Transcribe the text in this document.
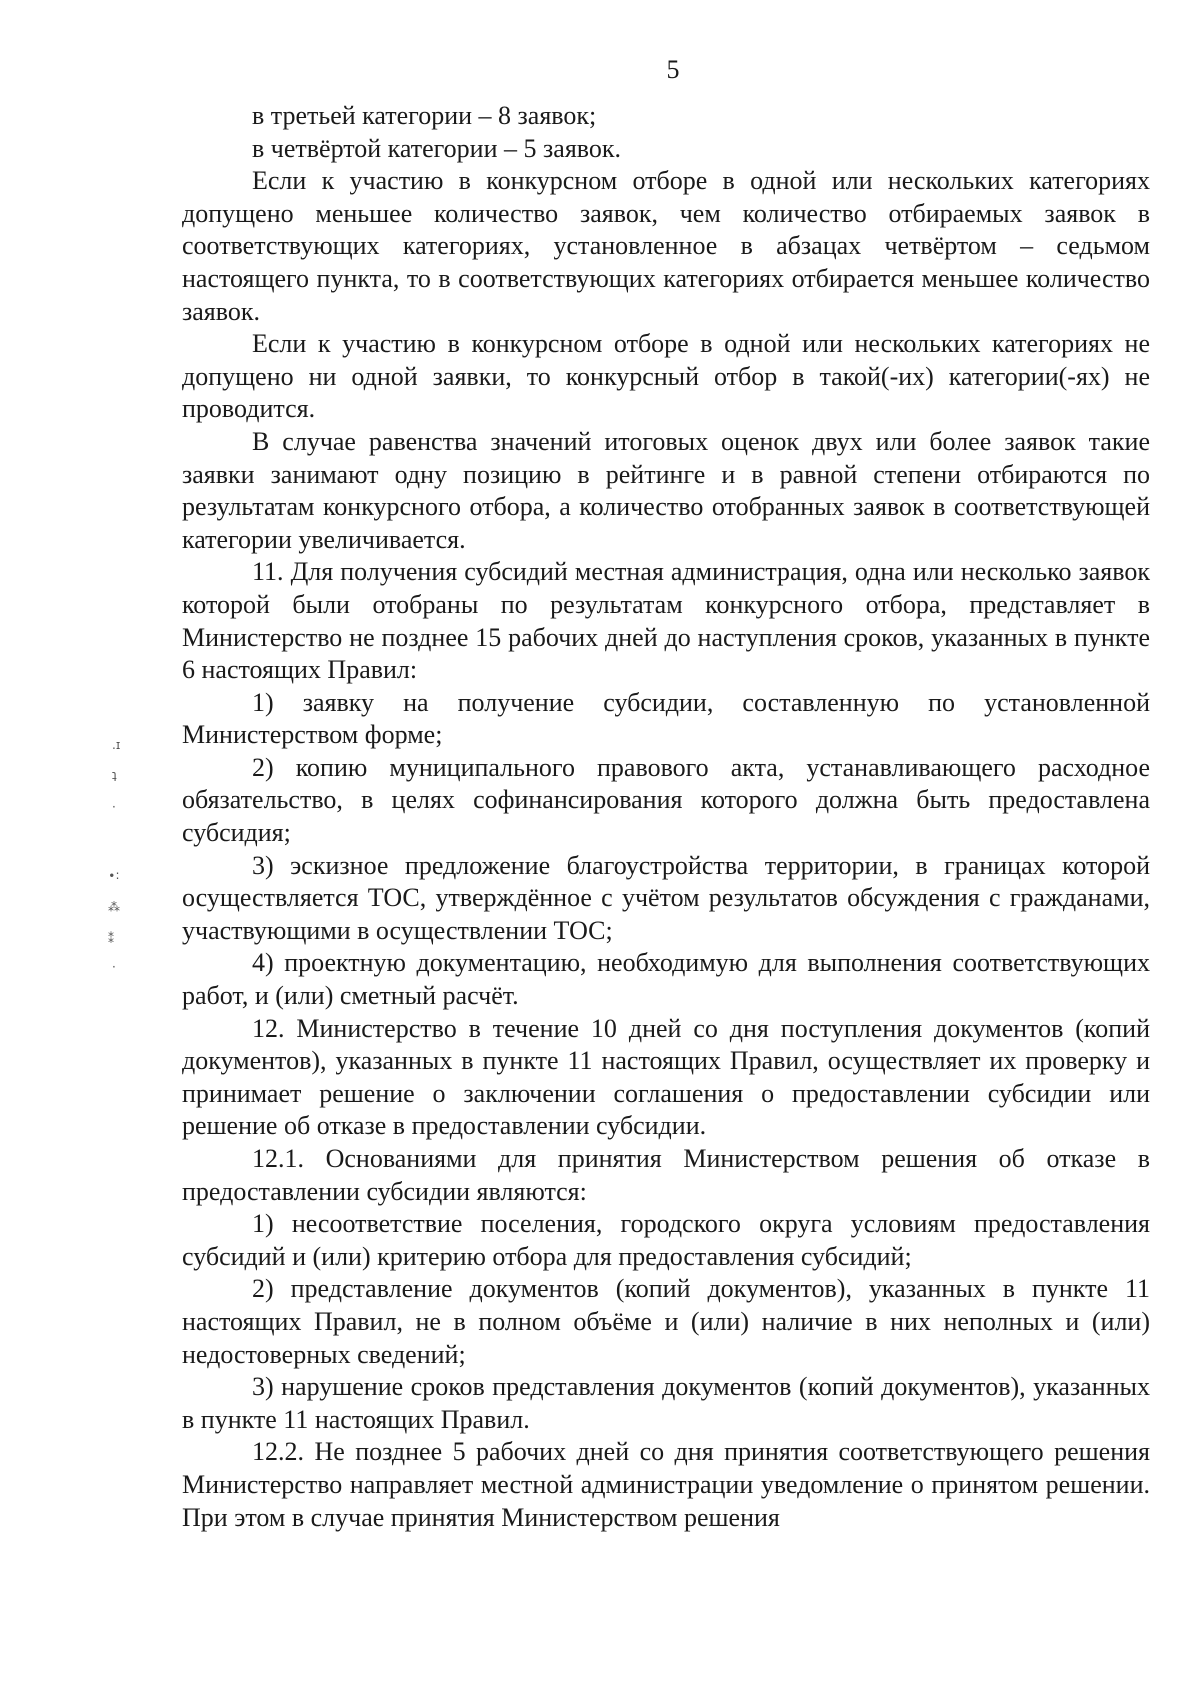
5

в третьей категории – 8 заявок;

в четвёртой категории – 5 заявок.

Если к участию в конкурсном отборе в одной или нескольких категориях допущено меньшее количество заявок, чем количество отбираемых заявок в соответствующих категориях, установленное в абзацах четвёртом – седьмом настоящего пункта, то в соответствующих категориях отбирается меньшее количество заявок.

Если к участию в конкурсном отборе в одной или нескольких категориях не допущено ни одной заявки, то конкурсный отбор в такой(-их) категории(-ях) не проводится.

В случае равенства значений итоговых оценок двух или более заявок такие заявки занимают одну позицию в рейтинге и в равной степени отбираются по результатам конкурсного отбора, а количество отобранных заявок в соответствующей категории увеличивается.

11. Для получения субсидий местная администрация, одна или несколько заявок которой были отобраны по результатам конкурсного отбора, представляет в Министерство не позднее 15 рабочих дней до наступления сроков, указанных в пункте 6 настоящих Правил:

1) заявку на получение субсидии, составленную по установленной Министерством форме;

2) копию муниципального правового акта, устанавливающего расходное обязательство, в целях софинансирования которого должна быть предоставлена субсидия;

3) эскизное предложение благоустройства территории, в границах которой осуществляется ТОС, утверждённое с учётом результатов обсуждения с гражданами, участвующими в осуществлении ТОС;

4) проектную документацию, необходимую для выполнения соответствующих работ, и (или) сметный расчёт.

12. Министерство в течение 10 дней со дня поступления документов (копий документов), указанных в пункте 11 настоящих Правил, осуществляет их проверку и принимает решение о заключении соглашения о предоставлении субсидии или решение об отказе в предоставлении субсидии.

12.1. Основаниями для принятия Министерством решения об отказе в предоставлении субсидии являются:

1) несоответствие поселения, городского округа условиям предоставления субсидий и (или) критерию отбора для предоставления субсидий;

2) представление документов (копий документов), указанных в пункте 11 настоящих Правил, не в полном объёме и (или) наличие в них неполных и (или) недостоверных сведений;

3) нарушение сроков представления документов (копий документов), указанных в пункте 11 настоящих Правил.

12.2. Не позднее 5 рабочих дней со дня принятия соответствующего решения Министерство направляет местной администрации уведомление о принятом решении. При этом в случае принятия Министерством решения

.ɪ
ʇ
·
∙:
⁂
⁑
·
